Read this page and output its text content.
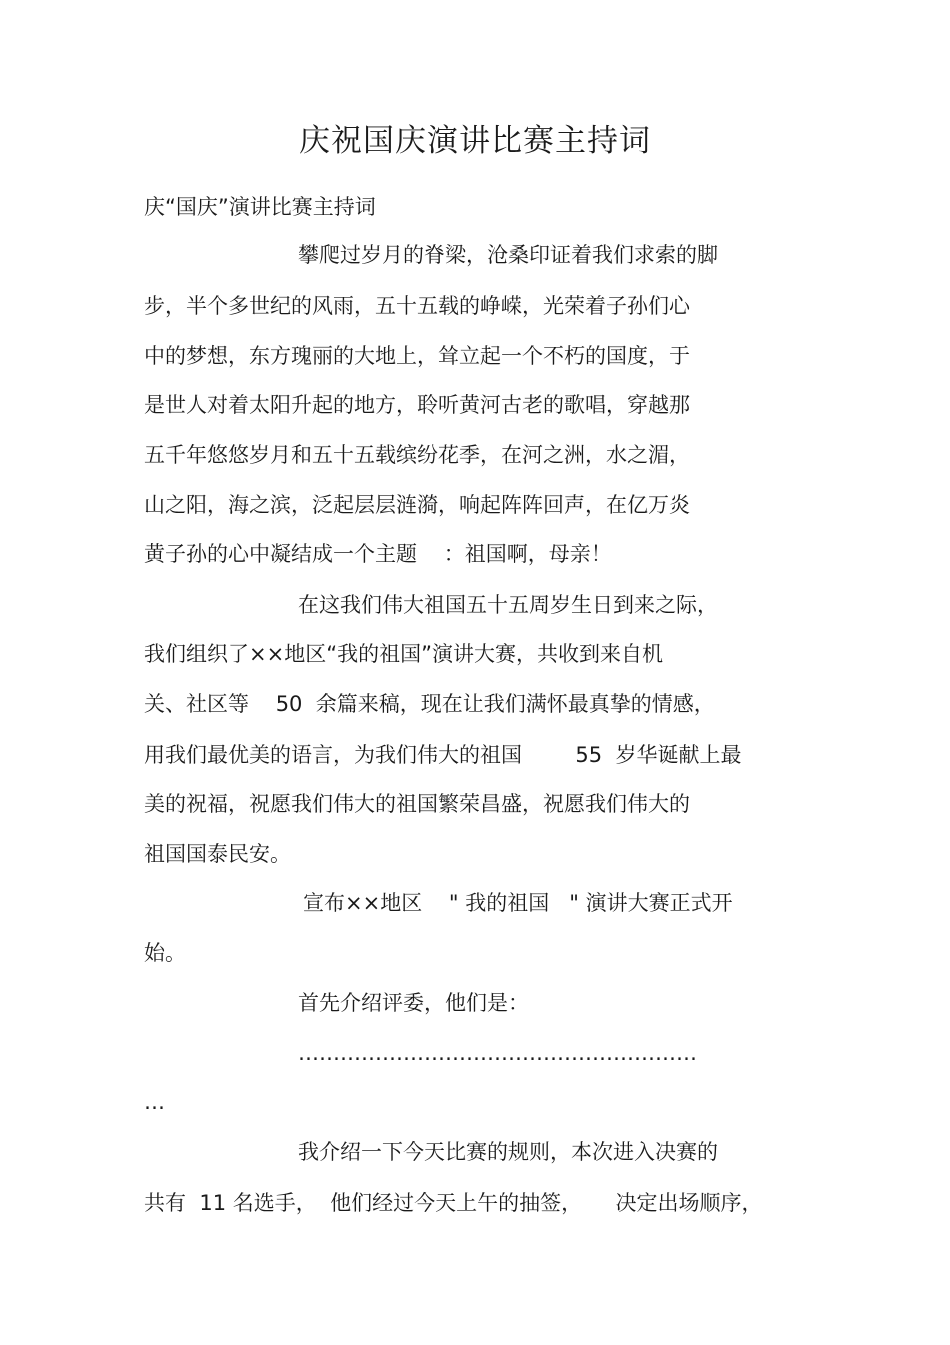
庆祝国庆演讲比赛主持词
庆“国庆”演讲比赛主持词
攀爬过岁月的脊梁，沧桑印证着我们求索的脚
步，半个多世纪的风雨，五十五载的峥嵘，光荣着子孙们心
中的梦想，东方瑰丽的大地上，耸立起一个不朽的国度，于
是世人对着太阳升起的地方，聆听黄河古老的歌唱，穿越那
五千年悠悠岁月和五十五载缤纷花季，在河之洲，水之湄，
山之阳，海之滨，泛起层层涟漪，响起阵阵回声，在亿万炎
黄子孙的心中凝结成一个主题    ：祖国啊，母亲！
在这我们伟大祖国五十五周岁生日到来之际，
我们组织了××地区“我的祖国”演讲大赛，共收到来自机
关、社区等    50  余篇来稿，现在让我们满怀最真挚的情感，
用我们最优美的语言，为我们伟大的祖国        55  岁华诞献上最
美的祝福，祝愿我们伟大的祖国繁荣昌盛，祝愿我们伟大的
祖国国泰民安。
宣布××地区    " 我的祖国   " 演讲大赛正式开
始。
首先介绍评委，他们是：
…………………………………………………
…
我介绍一下今天比赛的规则，本次进入决赛的
共有  11 名选手，  他们经过今天上午的抽签，     决定出场顺序，
